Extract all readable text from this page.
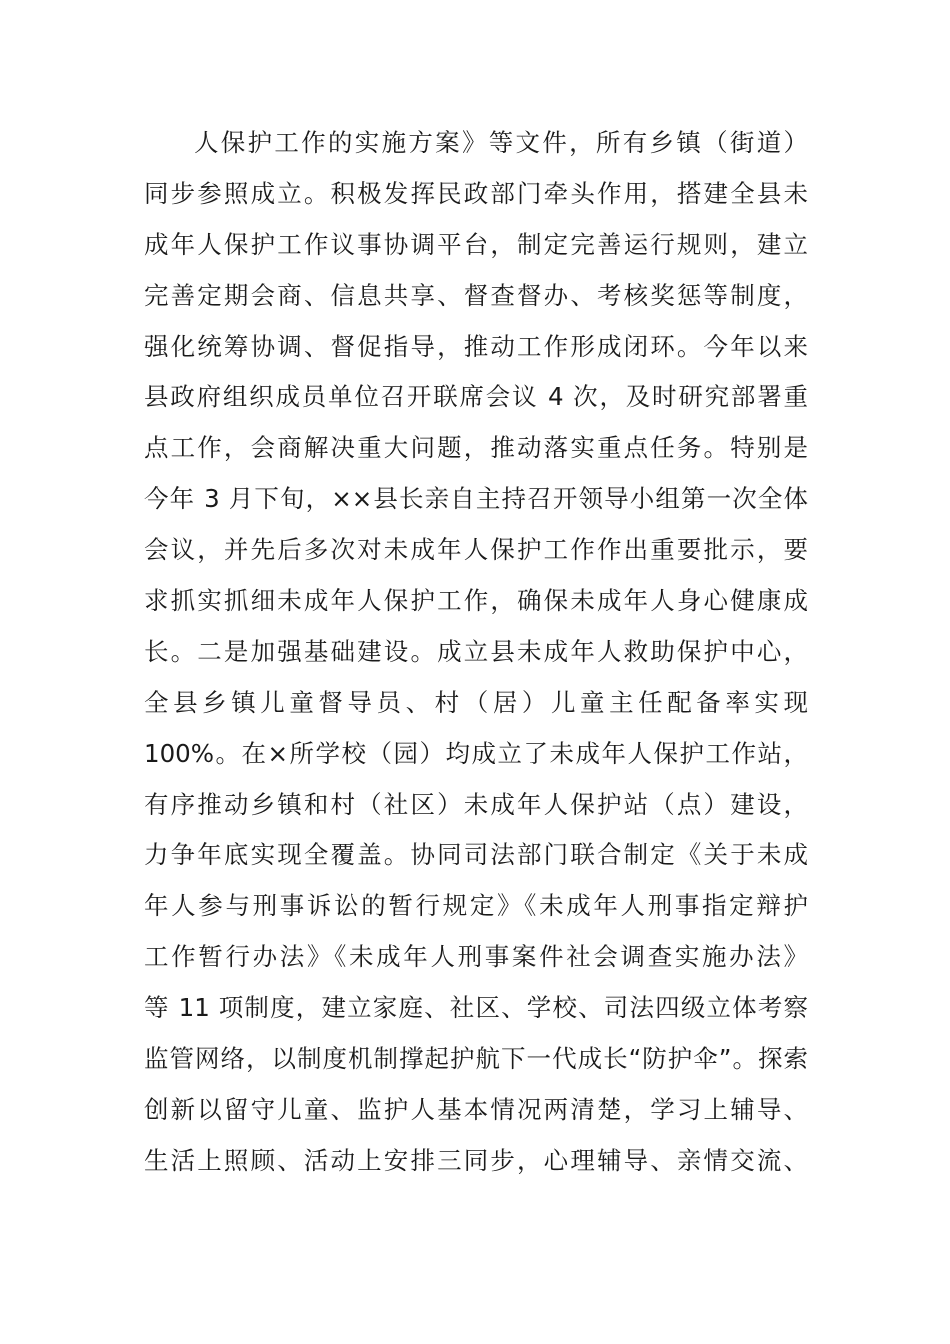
人保护工作的实施方案》等文件，所有乡镇（街道）
同步参照成立。积极发挥民政部门牵头作用，搭建全县未
成年人保护工作议事协调平台，制定完善运行规则，建立
完善定期会商、信息共享、督查督办、考核奖惩等制度，
强化统筹协调、督促指导，推动工作形成闭环。今年以来
县政府组织成员单位召开联席会议 4 次，及时研究部署重
点工作，会商解决重大问题，推动落实重点任务。特别是
今年 3 月下旬，××县长亲自主持召开领导小组第一次全体
会议，并先后多次对未成年人保护工作作出重要批示，要
求抓实抓细未成年人保护工作，确保未成年人身心健康成
长。二是加强基础建设。成立县未成年人救助保护中心，
全县乡镇儿童督导员、村（居）儿童主任配备率实现
100%。在×所学校（园）均成立了未成年人保护工作站，
有序推动乡镇和村（社区）未成年人保护站（点）建设，
力争年底实现全覆盖。协同司法部门联合制定《关于未成
年人参与刑事诉讼的暂行规定》《未成年人刑事指定辩护
工作暂行办法》《未成年人刑事案件社会调查实施办法》
等 11 项制度，建立家庭、社区、学校、司法四级立体考察
监管网络，以制度机制撑起护航下一代成长“防护伞”。探索
创新以留守儿童、监护人基本情况两清楚，学习上辅导、
生活上照顾、活动上安排三同步，心理辅导、亲情交流、
